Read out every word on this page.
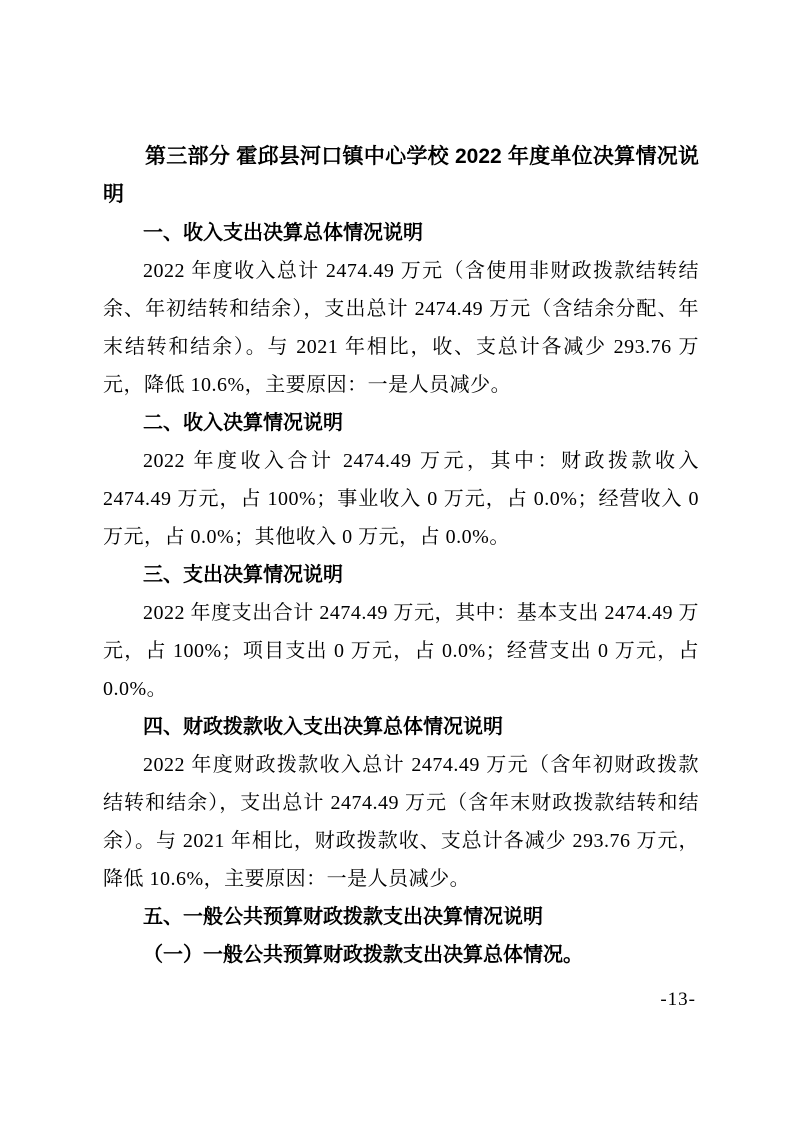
第三部分 霍邱县河口镇中心学校 2022 年度单位决算情况说明
一、收入支出决算总体情况说明

2022 年度收入总计 2474.49 万元（含使用非财政拨款结转结余、年初结转和结余），支出总计 2474.49 万元（含结余分配、年末结转和结余）。与 2021 年相比，收、支总计各减少 293.76 万元，降低 10.6%，主要原因：一是人员减少。

二、收入决算情况说明

2022 年度收入合计 2474.49 万元，其中：财政拨款收入 2474.49 万元，占 100%；事业收入 0 万元，占 0.0%；经营收入 0 万元，占 0.0%；其他收入 0 万元，占 0.0%。

三、支出决算情况说明

2022 年度支出合计 2474.49 万元，其中：基本支出 2474.49 万元，占 100%；项目支出 0 万元，占 0.0%；经营支出 0 万元，占 0.0%。

四、财政拨款收入支出决算总体情况说明

2022 年度财政拨款收入总计 2474.49 万元（含年初财政拨款结转和结余），支出总计 2474.49 万元（含年末财政拨款结转和结余）。与 2021 年相比，财政拨款收、支总计各减少 293.76 万元，降低 10.6%，主要原因：一是人员减少。

五、一般公共预算财政拨款支出决算情况说明
（一）一般公共预算财政拨款支出决算总体情况。
-13-
